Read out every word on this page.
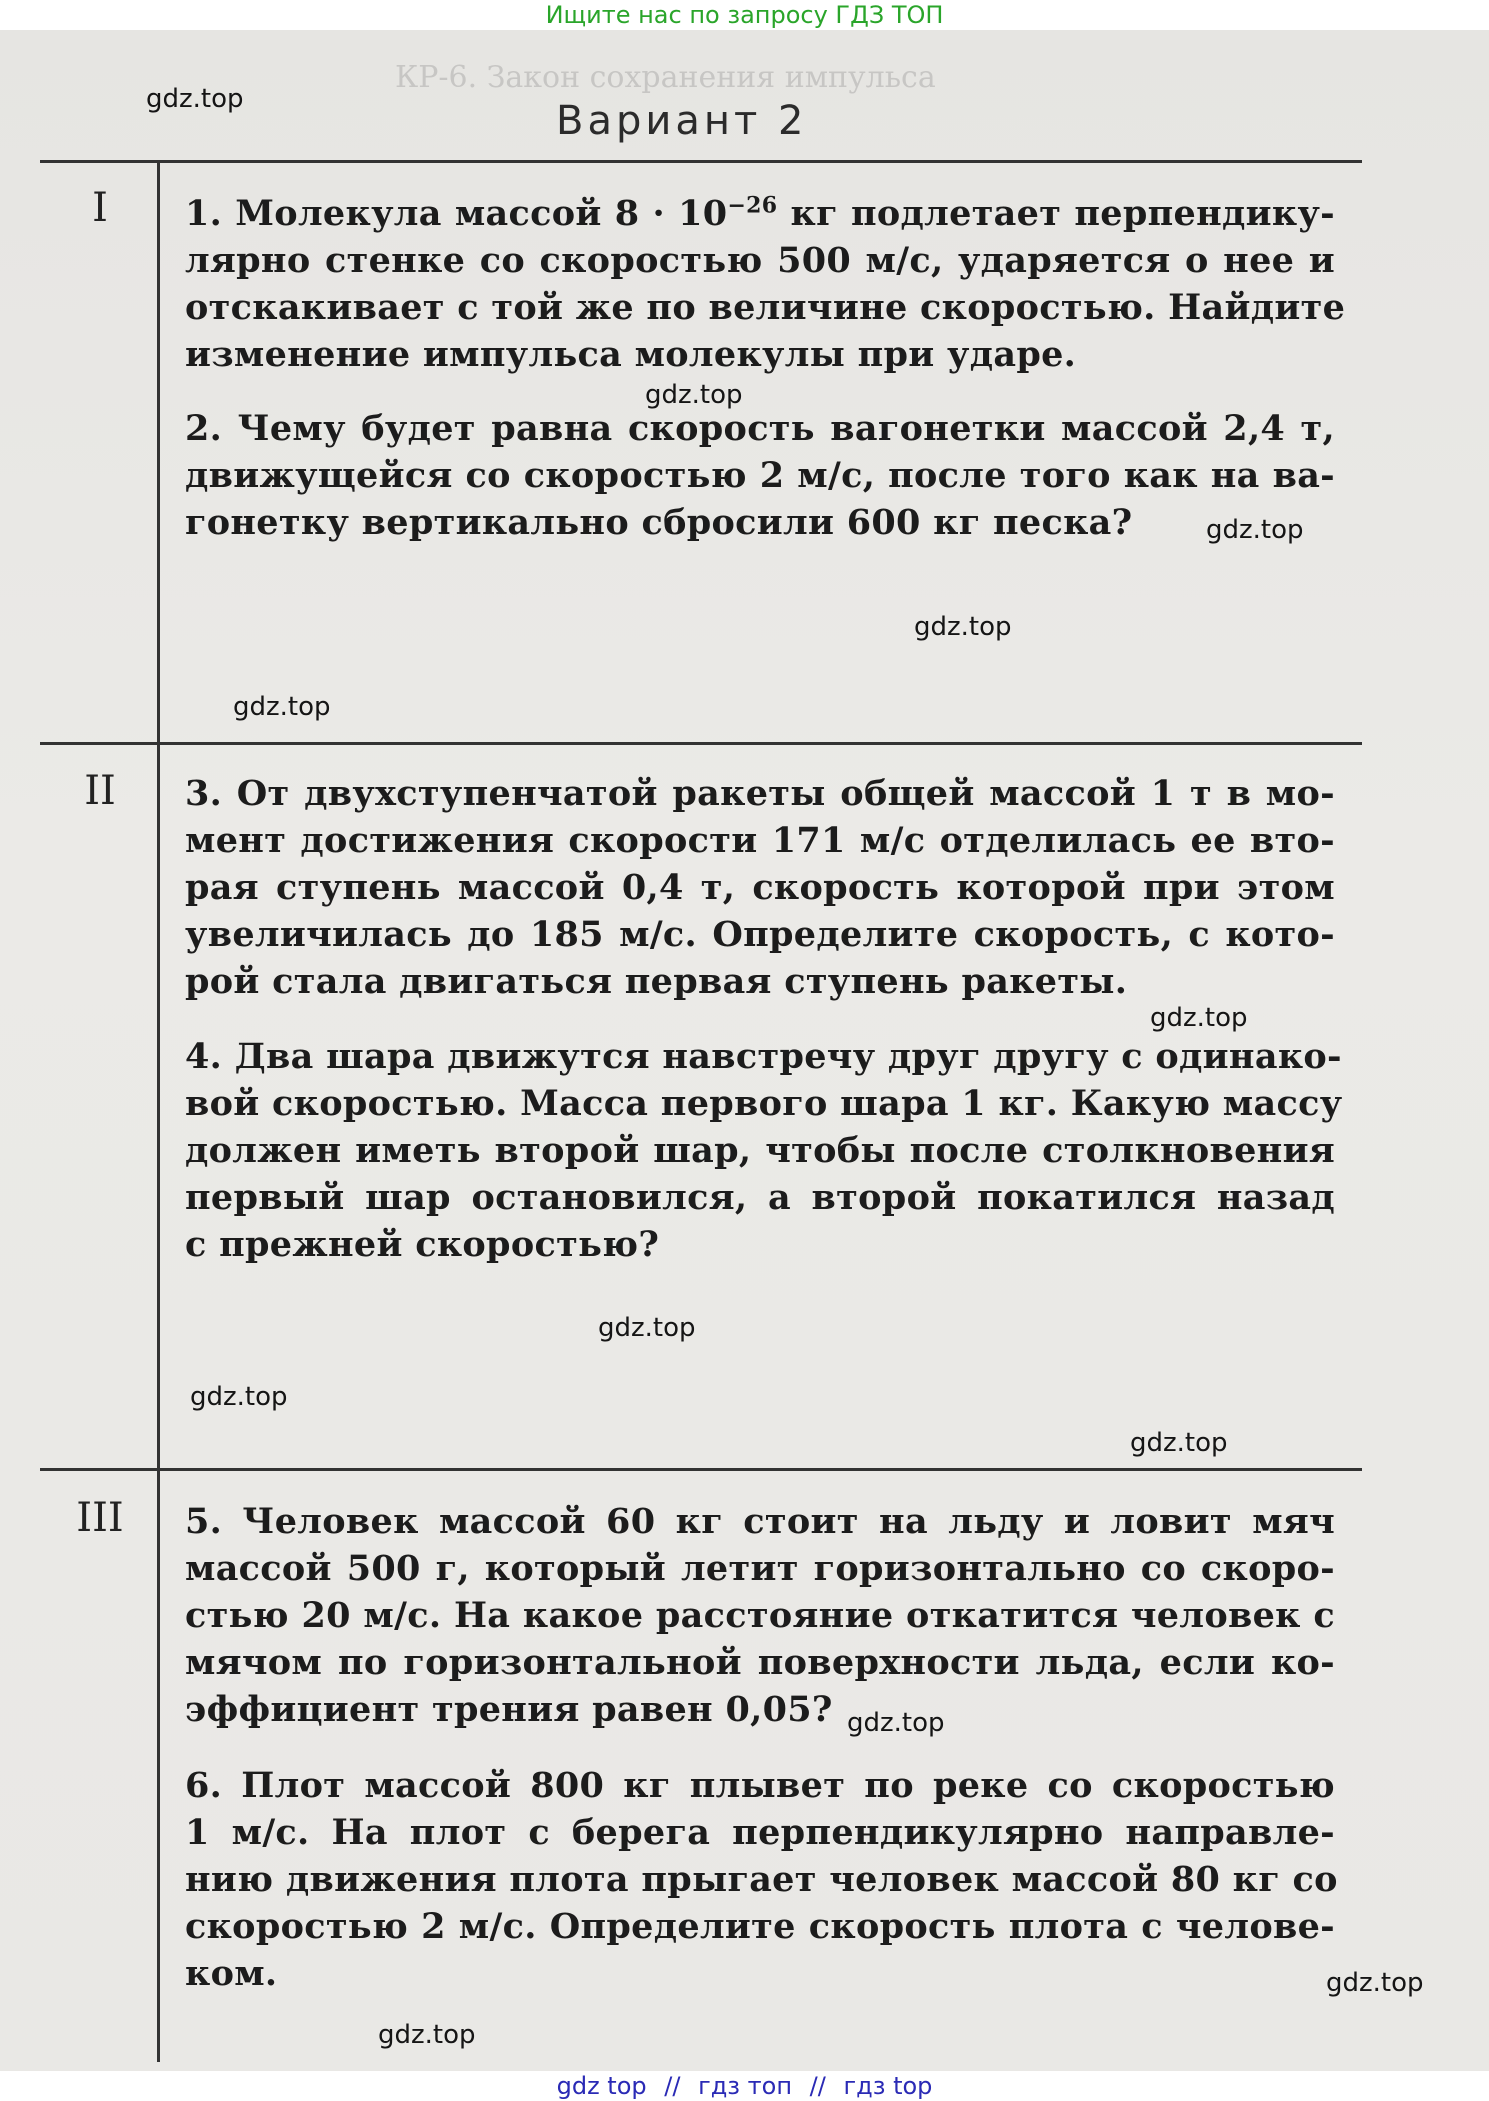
Ищите нас по запросу ГДЗ ТОП
КР-6. Закон сохранения импульса
Вариант 2
I
II
III
1. Молекула массой $8 \cdot 10^{-26}$ кг подлетает перпендику-
лярно стенке со скоростью 500 м/с, ударяется о нее и
отскакивает с той же по величине скоростью. Найдите
изменение импульса молекулы при ударе.
2. Чему будет равна скорость вагонетки массой 2,4 т,
движущейся со скоростью 2 м/с, после того как на ва-
гонетку вертикально сбросили 600 кг песка?
3. От двухступенчатой ракеты общей массой 1 т в мо-
мент достижения скорости 171 м/с отделилась ее вто-
рая ступень массой 0,4 т, скорость которой при этом
увеличилась до 185 м/с. Определите скорость, с кото-
рой стала двигаться первая ступень ракеты.
4. Два шара движутся навстречу друг другу с одинако-
вой скоростью. Масса первого шара 1 кг. Какую массу
должен иметь второй шар, чтобы после столкновения
первый шар остановился, а второй покатился назад
с прежней скоростью?
5. Человек массой 60 кг стоит на льду и ловит мяч
массой 500 г, который летит горизонтально со скоро-
стью 20 м/с. На какое расстояние откатится человек с
мячом по горизонтальной поверхности льда, если ко-
эффициент трения равен 0,05?
6. Плот массой 800 кг плывет по реке со скоростью
1 м/с. На плот с берега перпендикулярно направле-
нию движения плота прыгает человек массой 80 кг со
скоростью 2 м/с. Определите скорость плота с челове-
ком.
gdz.top
gdz.top
gdz.top
gdz.top
gdz.top
gdz.top
gdz.top
gdz.top
gdz.top
gdz.top
gdz.top
gdz.top
gdz top // гдз топ // гдз top
